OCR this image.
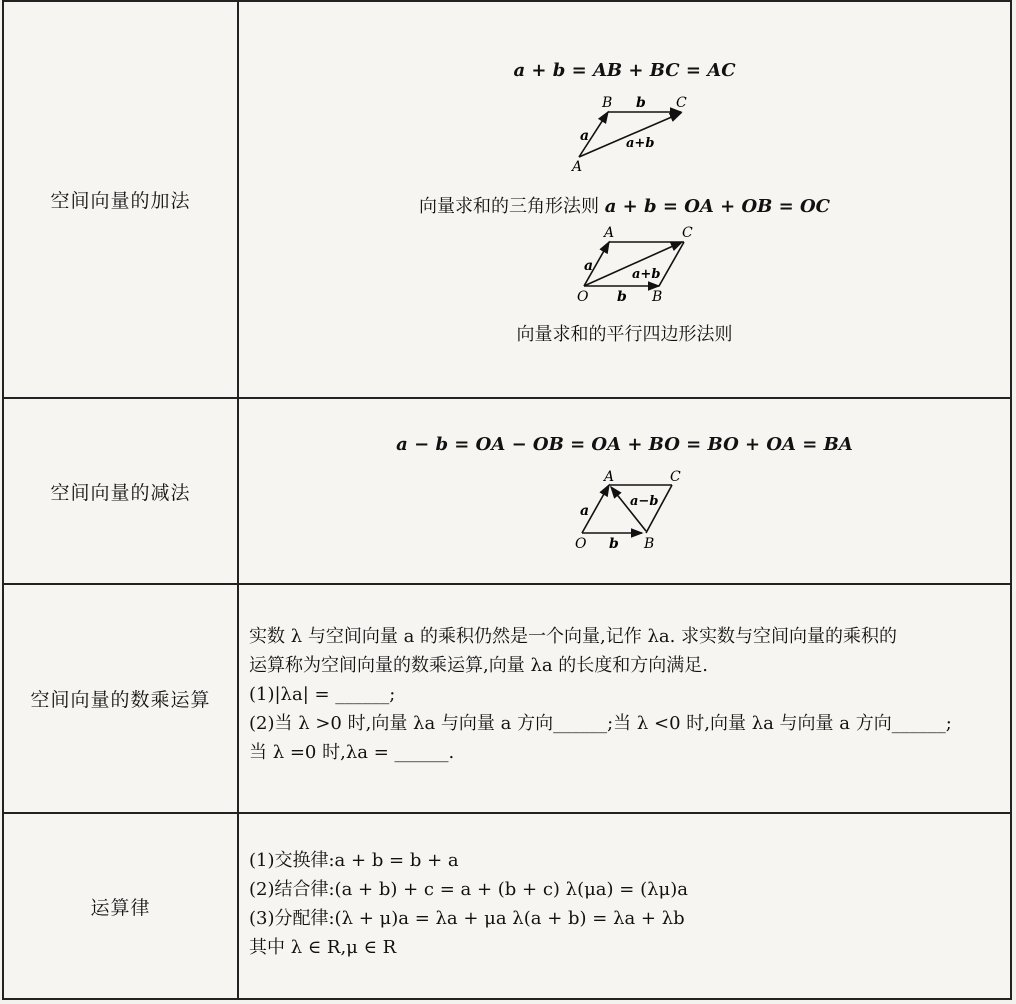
空间向量的加法
a + b = AB + BC = AC
A
B	C
a
b
a+b
向量求和的三角形法则 a + b = OA + OB = OC
O
A
B
C
a
b
a+b
向量求和的平行四边形法则
空间向量的减法
a − b = OA − OB = OA + BO = BO + OA = BA
O
A
B
C
a
b
a−b
空间向量的数乘运算
实数 λ 与空间向量 a 的乘积仍然是一个向量,记作 λa. 求实数与空间向量的乘积的
运算称为空间向量的数乘运算,向量 λa 的长度和方向满足.
(1)|λa| = ______;
(2)当 λ >0 时,向量 λa 与向量 a 方向______;当 λ <0 时,向量 λa 与向量 a 方向______;
当 λ =0 时,λa = ______.
运算律
(1)交换律:a + b = b + a
(2)结合律:(a + b) + c = a + (b + c) λ(μa) = (λμ)a
(3)分配律:(λ + μ)a = λa + μa λ(a + b) = λa + λb
其中 λ ∈ R,μ ∈ R
